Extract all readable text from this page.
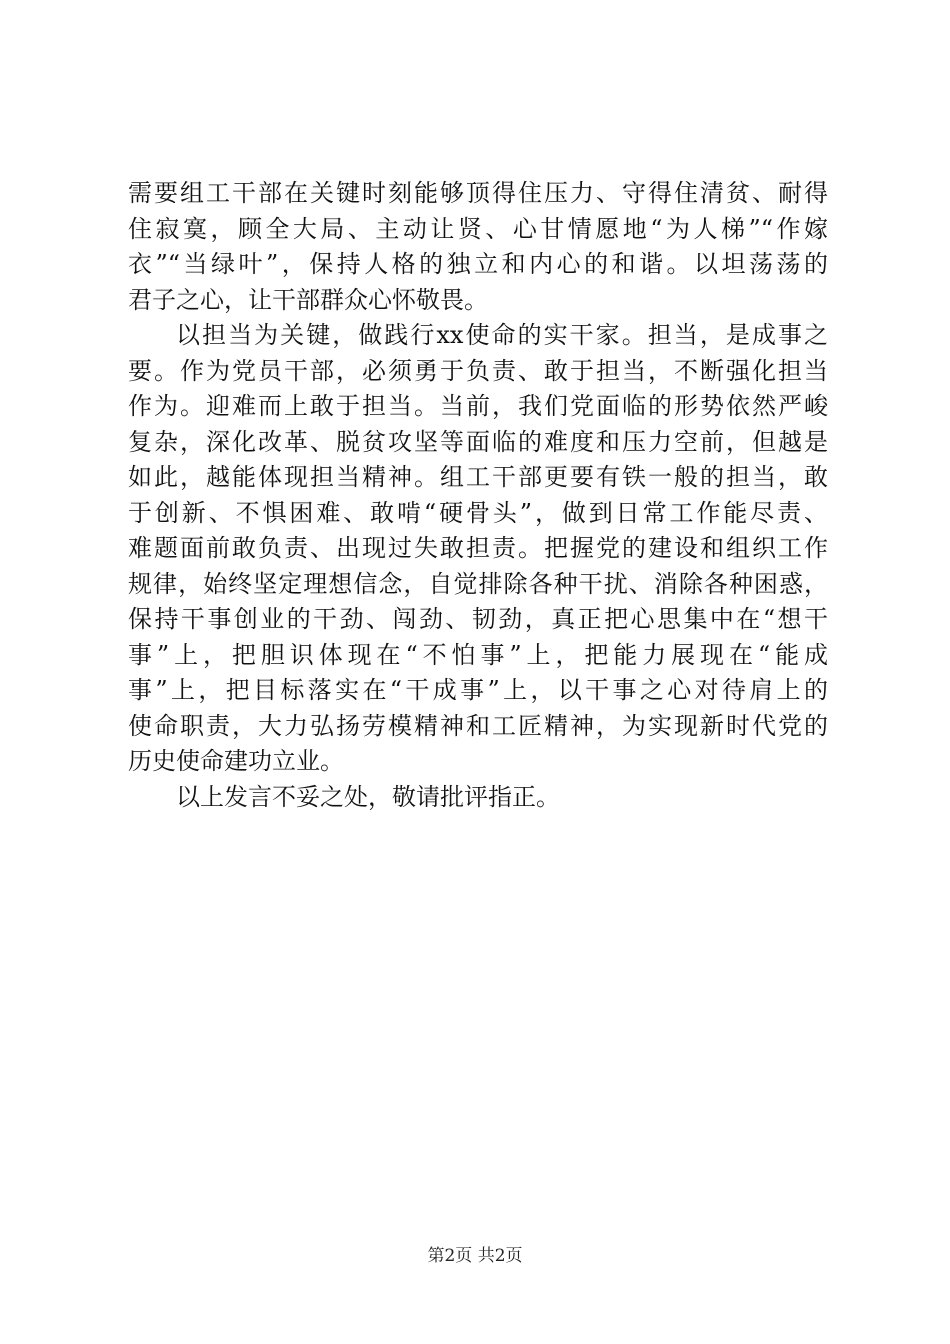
需要组工干部在关键时刻能够顶得住压力、守得住清贫、耐得
住寂寞，顾全大局、主动让贤、心甘情愿地“为人梯”“作嫁
衣”“当绿叶”，保持人格的独立和内心的和谐。以坦荡荡的
君子之心，让干部群众心怀敬畏。
以担当为关键，做践行xx使命的实干家。担当，是成事之
要。作为党员干部，必须勇于负责、敢于担当，不断强化担当
作为。迎难而上敢于担当。当前，我们党面临的形势依然严峻
复杂，深化改革、脱贫攻坚等面临的难度和压力空前，但越是
如此，越能体现担当精神。组工干部更要有铁一般的担当，敢
于创新、不惧困难、敢啃“硬骨头”，做到日常工作能尽责、
难题面前敢负责、出现过失敢担责。把握党的建设和组织工作
规律，始终坚定理想信念，自觉排除各种干扰、消除各种困惑，
保持干事创业的干劲、闯劲、韧劲，真正把心思集中在“想干
事”上，把胆识体现在“不怕事”上，把能力展现在“能成
事”上，把目标落实在“干成事”上，以干事之心对待肩上的
使命职责，大力弘扬劳模精神和工匠精神，为实现新时代党的
历史使命建功立业。
以上发言不妥之处，敬请批评指正。
第2页 共2页
